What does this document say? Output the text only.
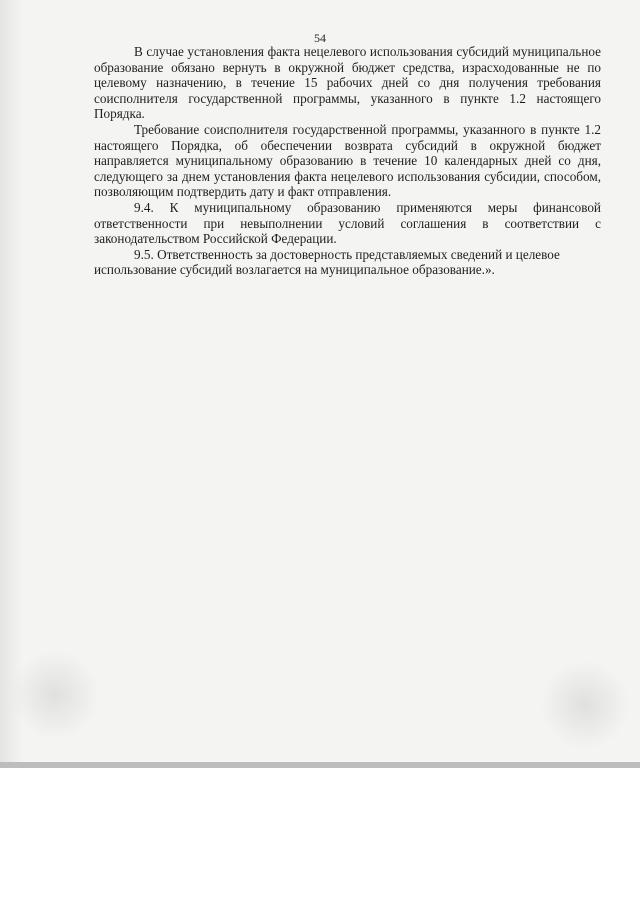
54

В случае установления факта нецелевого использования субсидий муниципальное образование обязано вернуть в окружной бюджет средства, израсходованные не по целевому назначению, в течение 15 рабочих дней со дня получения требования соисполнителя государственной программы, указанного в пункте 1.2 настоящего Порядка.

Требование соисполнителя государственной программы, указанного в пункте 1.2 настоящего Порядка, об обеспечении возврата субсидий в окружной бюджет направляется муниципальному образованию в течение 10 календарных дней со дня, следующего за днем установления факта нецелевого использования субсидии, способом, позволяющим подтвердить дату и факт отправления.

9.4. К муниципальному образованию применяются меры финансовой ответственности при невыполнении условий соглашения в соответствии с законодательством Российской Федерации.

9.5. Ответственность за достоверность представляемых сведений и целевое использование субсидий возлагается на муниципальное образование.».
